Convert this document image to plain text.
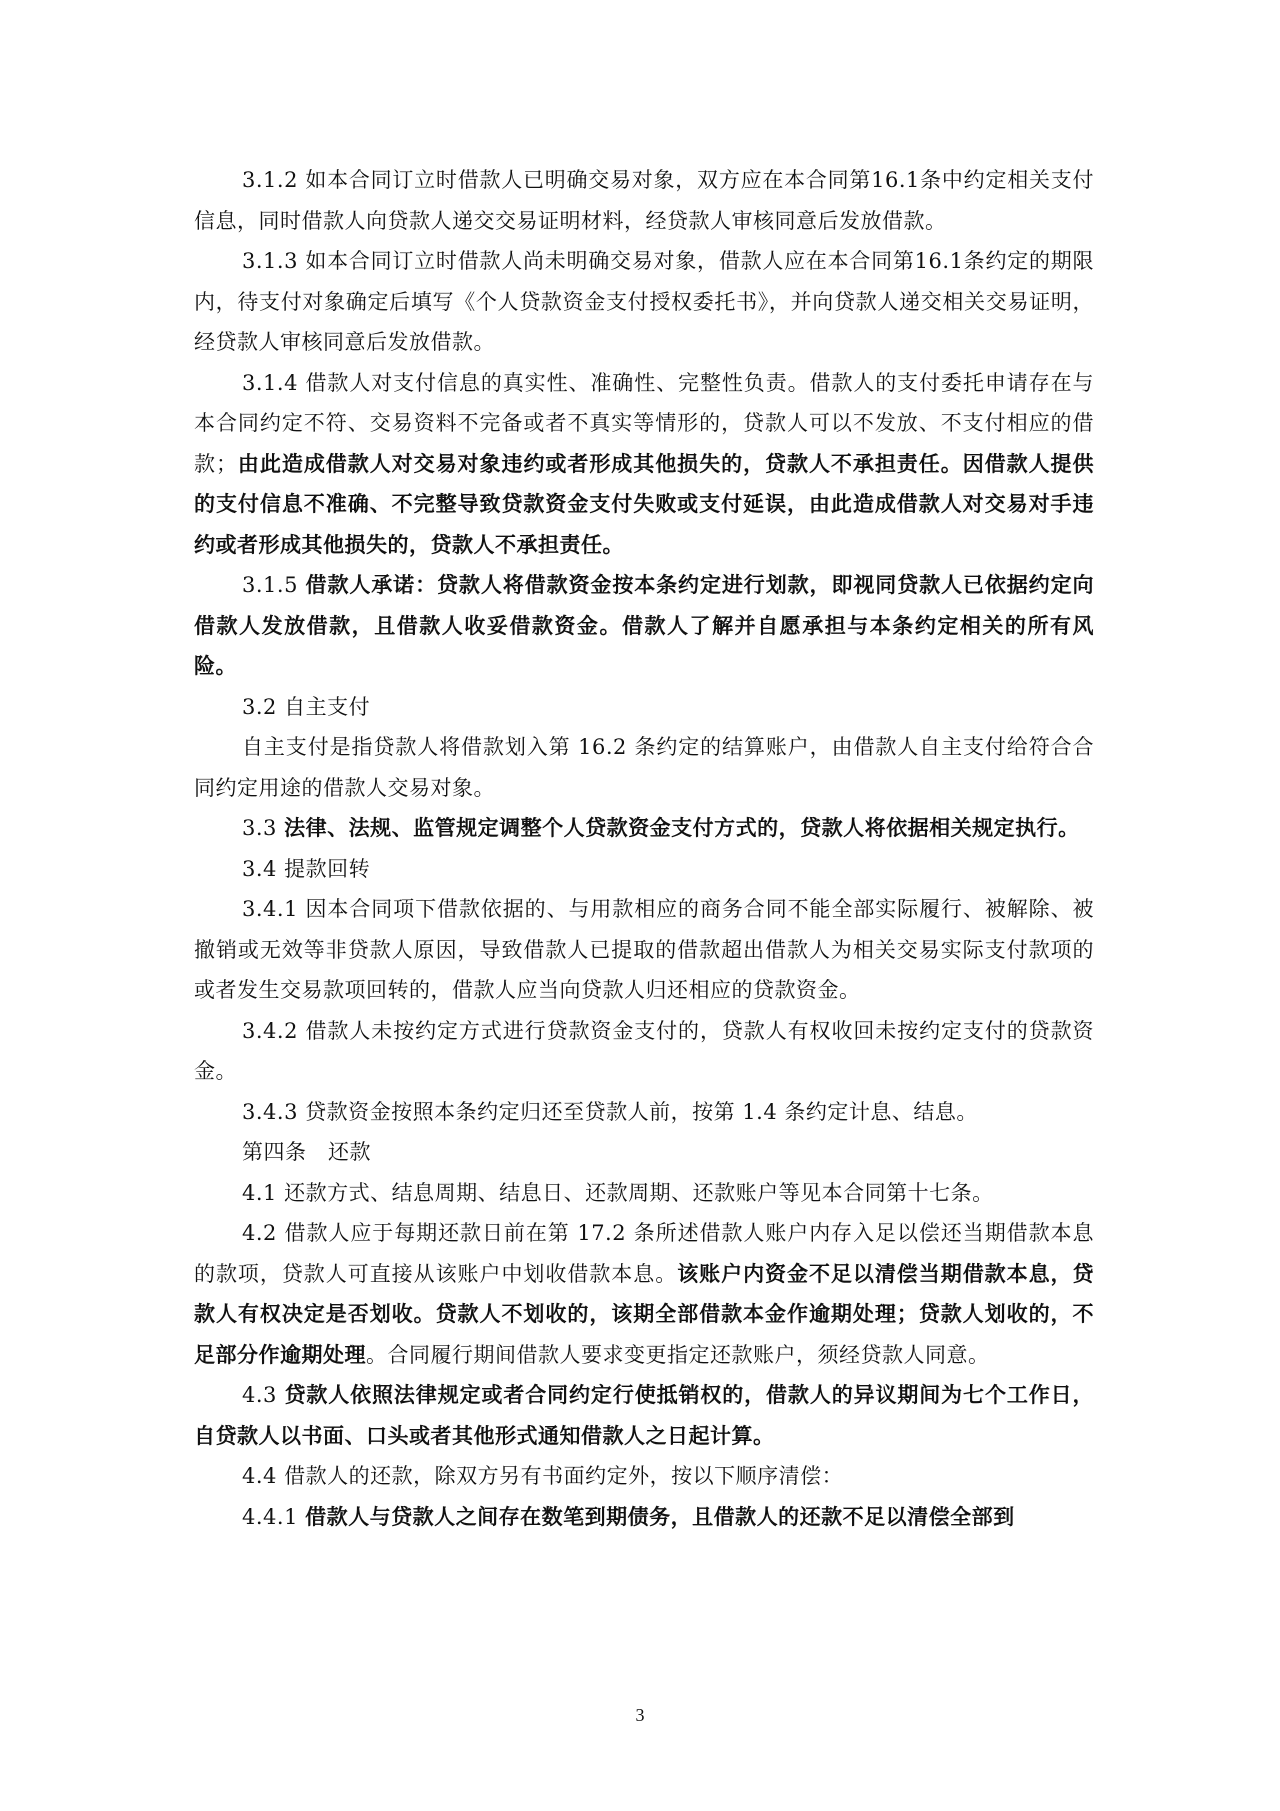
3.1.2 如本合同订立时借款人已明确交易对象，双方应在本合同第16.1条中约定相关支付信息，同时借款人向贷款人递交交易证明材料，经贷款人审核同意后发放借款。

3.1.3 如本合同订立时借款人尚未明确交易对象，借款人应在本合同第16.1条约定的期限内，待支付对象确定后填写《个人贷款资金支付授权委托书》，并向贷款人递交相关交易证明，经贷款人审核同意后发放借款。

3.1.4 借款人对支付信息的真实性、准确性、完整性负责。借款人的支付委托申请存在与本合同约定不符、交易资料不完备或者不真实等情形的，贷款人可以不发放、不支付相应的借款；由此造成借款人对交易对象违约或者形成其他损失的，贷款人不承担责任。因借款人提供的支付信息不准确、不完整导致贷款资金支付失败或支付延误，由此造成借款人对交易对手违约或者形成其他损失的，贷款人不承担责任。

3.1.5 借款人承诺：贷款人将借款资金按本条约定进行划款，即视同贷款人已依据约定向借款人发放借款，且借款人收妥借款资金。借款人了解并自愿承担与本条约定相关的所有风险。

3.2 自主支付

自主支付是指贷款人将借款划入第 16.2 条约定的结算账户，由借款人自主支付给符合合同约定用途的借款人交易对象。

3.3 法律、法规、监管规定调整个人贷款资金支付方式的，贷款人将依据相关规定执行。

3.4 提款回转

3.4.1 因本合同项下借款依据的、与用款相应的商务合同不能全部实际履行、被解除、被撤销或无效等非贷款人原因，导致借款人已提取的借款超出借款人为相关交易实际支付款项的或者发生交易款项回转的，借款人应当向贷款人归还相应的贷款资金。

3.4.2 借款人未按约定方式进行贷款资金支付的，贷款人有权收回未按约定支付的贷款资金。

3.4.3 贷款资金按照本条约定归还至贷款人前，按第 1.4 条约定计息、结息。

第四条　还款

4.1 还款方式、结息周期、结息日、还款周期、还款账户等见本合同第十七条。

4.2 借款人应于每期还款日前在第 17.2 条所述借款人账户内存入足以偿还当期借款本息的款项，贷款人可直接从该账户中划收借款本息。该账户内资金不足以清偿当期借款本息，贷款人有权决定是否划收。贷款人不划收的，该期全部借款本金作逾期处理；贷款人划收的，不足部分作逾期处理。合同履行期间借款人要求变更指定还款账户，须经贷款人同意。

4.3 贷款人依照法律规定或者合同约定行使抵销权的，借款人的异议期间为七个工作日，自贷款人以书面、口头或者其他形式通知借款人之日起计算。

4.4 借款人的还款，除双方另有书面约定外，按以下顺序清偿：

4.4.1 借款人与贷款人之间存在数笔到期债务，且借款人的还款不足以清偿全部到

3
